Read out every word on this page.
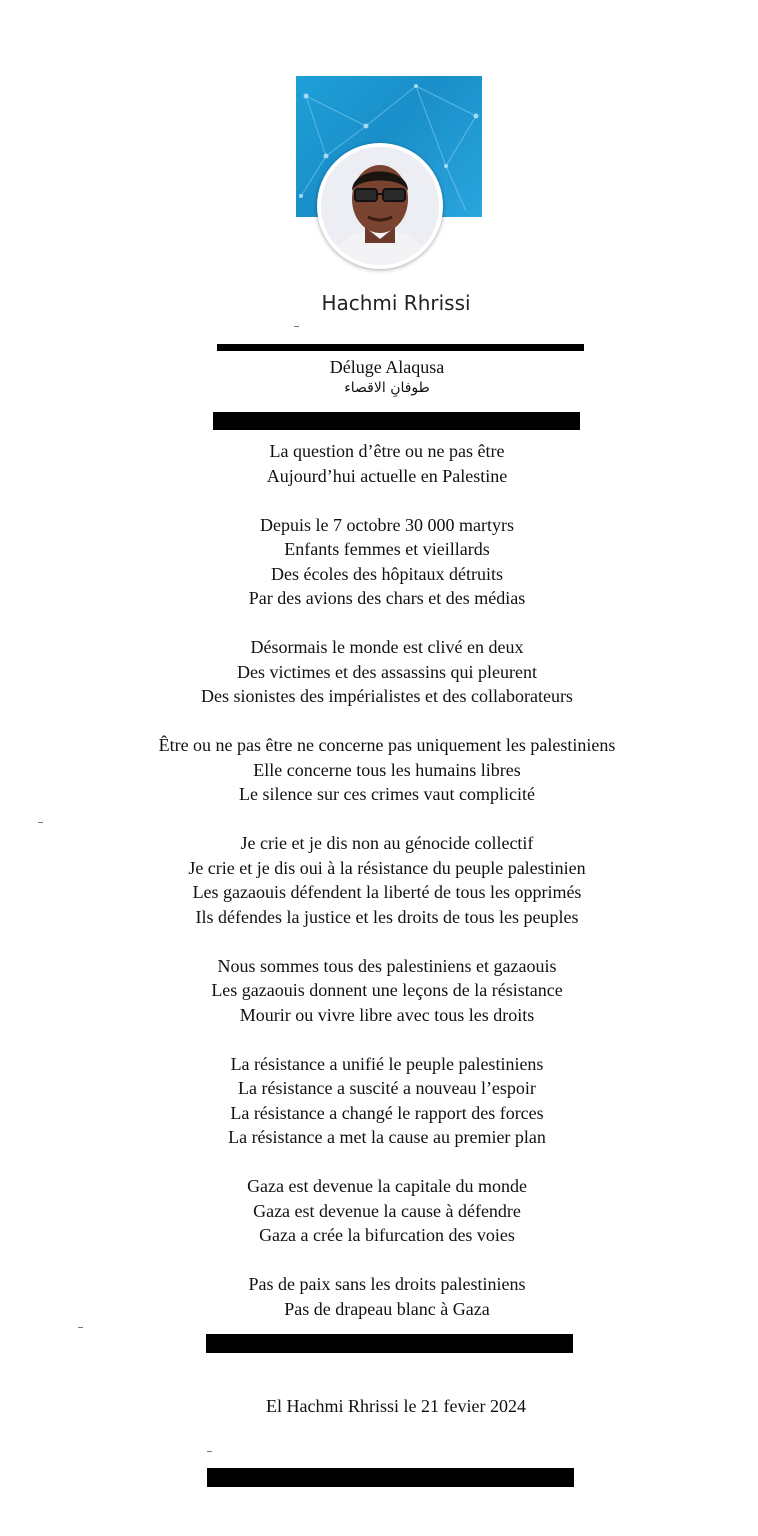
Hachmi Rhrissi
Déluge Alaqusa
طوفانِ الاقصاء
La question d’être ou ne pas être
Aujourd’hui actuelle en Palestine
Depuis le 7 octobre 30 000 martyrs
Enfants femmes et vieillards
Des écoles des hôpitaux détruits
Par des avions des chars et des médias
Désormais le monde est clivé en deux
Des victimes et des assassins qui pleurent
Des sionistes des impérialistes et des collaborateurs
Être ou ne pas être ne concerne pas uniquement les palestiniens
Elle concerne tous les humains libres
Le silence sur ces crimes vaut complicité
Je crie et je dis non au génocide collectif
Je crie et je dis oui à la résistance du peuple palestinien
Les gazaouis défendent la liberté de tous les opprimés
Ils défendes la justice et les droits de tous les peuples
Nous sommes tous des palestiniens et gazaouis
Les gazaouis donnent une leçons de la résistance
Mourir ou vivre libre avec tous les droits
La résistance a unifié le peuple palestiniens
La résistance a suscité a nouveau l’espoir
La résistance a changé le rapport des forces
La résistance a met la cause au premier plan
Gaza est devenue la capitale du monde
Gaza est devenue la cause à défendre
Gaza a crée la bifurcation des voies
Pas de paix sans les droits palestiniens
Pas de drapeau blanc à Gaza
El Hachmi Rhrissi le 21 fevier 2024
